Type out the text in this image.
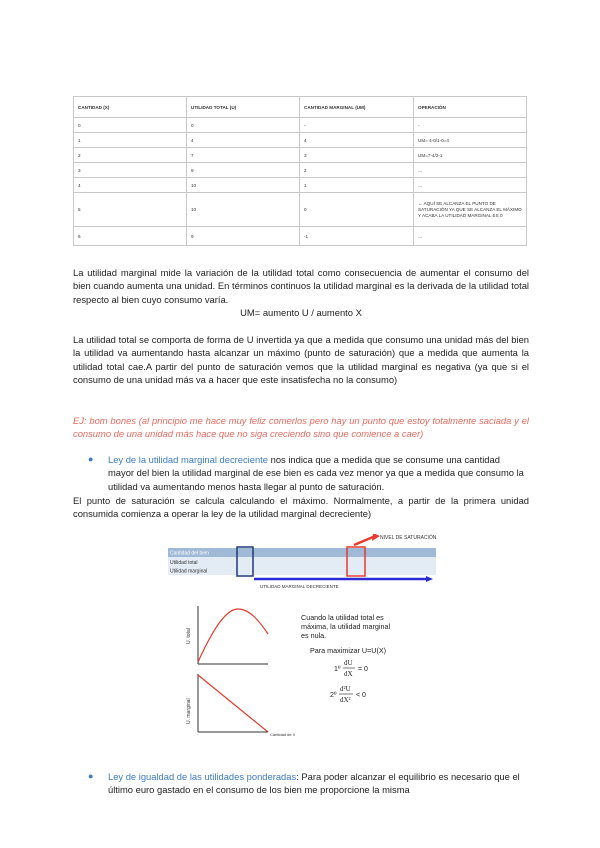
CANTIDAD (X)	UTILIDAD TOTAL (U)	CANTIDAD MARGINAL (UM)	OPERACIÓN
0	0	-	-
1	4	4	UM= 4-0/1-0=4
2	7	3	UM=7-4/2-1
3	9	2	…
4	10	1	…
5	10	0	← AQUÍ SE ALCANZA EL PUNTO DE SATURACIÓN YA QUE SE ALCANZA EL MÁXIMO Y ACABA LA UTILIDAD MARGINAL ES 0
6	9	-1	…

La utilidad marginal mide la variación de la utilidad total como consecuencia de aumentar el consumo del bien cuando aumenta una unidad. En términos continuos la utilidad marginal es la derivada de la utilidad total respecto al bien cuyo consumo varía.

UM= aumento U / aumento X

La utilidad total se comporta de forma de U invertida ya que a medida que consumo una unidad más del bien la utilidad va aumentando hasta alcanzar un máximo (punto de saturación) que a medida que aumenta la utilidad total cae.A partir del punto de saturación vemos que la utilidad marginal es negativa (ya que si el consumo de una unidad más va a hacer que este insatisfecha no la consumo)

EJ: bom bones (al principio me hace muy feliz comerlos pero hay un punto que estoy totalmente saciada y el consumo de una unidad más hace que no siga creciendo sino que comience a caer)

● Ley de la utilidad marginal decreciente nos indica que a medida que se consume una cantidad mayor del bien la utilidad marginal de ese bien es cada vez menor ya que a medida que consumo la utilidad va aumentando menos hasta llegar al punto de saturación.

El punto de saturación se calcula calculando el máximo. Normalmente, a partir de la primera unidad consumida comienza a operar la ley de la utilidad marginal decreciente)

Cantidad del bien
Utilidad total
Utilidad marginal
NIVEL DE SATURACIÓN
UTILIDAD MARGINAL DECRECIENTE
U. total
U. marginal
Cantidad de X
Cuando la utilidad total es máxima, la utilidad marginal es nula.
Para maximizar U=U(X)
1º
dU
dX
= 0
2º
d²U
dX²
< 0
● Ley de igualdad de las utilidades ponderadas: Para poder alcanzar el equilibrio es necesario que el último euro gastado en el consumo de los bien me proporcione la misma
